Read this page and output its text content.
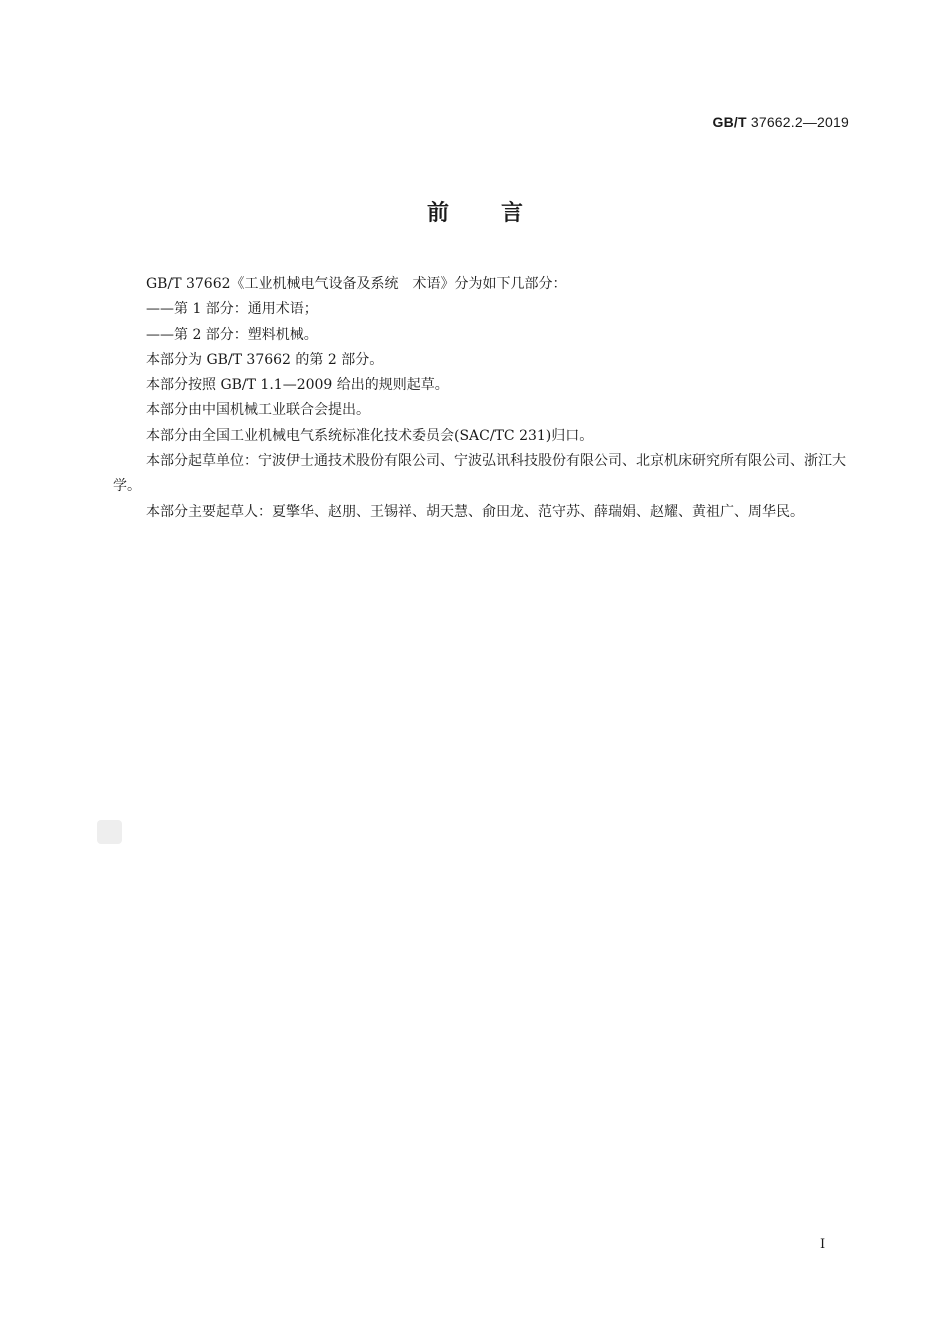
GB/T 37662.2—2019
前言

GB/T 37662《工业机械电气设备及系统　术语》分为如下几部分：

——第 1 部分：通用术语；

——第 2 部分：塑料机械。

本部分为 GB/T 37662 的第 2 部分。

本部分按照 GB/T 1.1—2009 给出的规则起草。

本部分由中国机械工业联合会提出。

本部分由全国工业机械电气系统标准化技术委员会(SAC/TC 231)归口。

本部分起草单位：宁波伊士通技术股份有限公司、宁波弘讯科技股份有限公司、北京机床研究所有限公司、浙江大学。

本部分主要起草人：夏擎华、赵朋、王锡祥、胡天慧、俞田龙、范守苏、薛瑞娟、赵耀、黄祖广、周华民。

I
